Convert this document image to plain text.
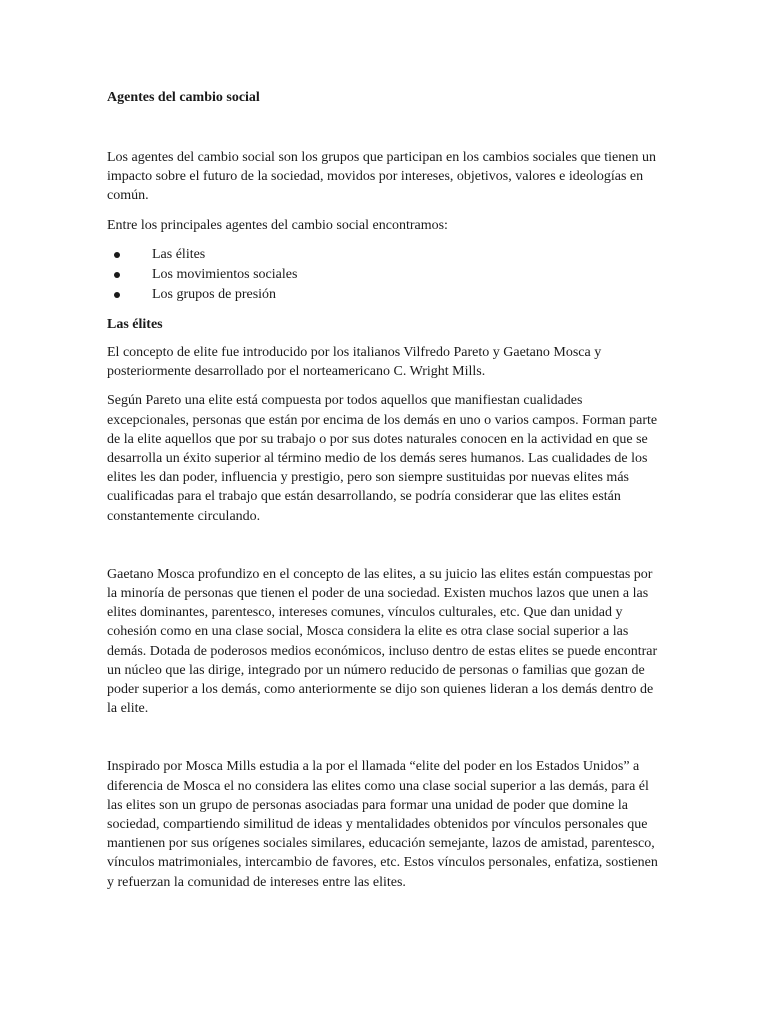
Agentes del cambio social

Los agentes del cambio social son los grupos que participan en los cambios sociales que tienen un impacto sobre el futuro de la sociedad, movidos por intereses, objetivos, valores e ideologías en común.

Entre los principales agentes del cambio social encontramos:

Las élites
Los movimientos sociales
Los grupos de presión
Las élites

El concepto de elite fue introducido por los italianos Vilfredo Pareto y Gaetano Mosca y posteriormente desarrollado por el norteamericano C. Wright Mills.

Según Pareto una elite está compuesta por todos aquellos que manifiestan cualidades excepcionales, personas que están por encima de los demás en uno o varios campos. Forman parte de la elite aquellos que por su trabajo o por sus dotes naturales conocen en la actividad en que se desarrolla un éxito superior al término medio de los demás seres humanos. Las cualidades de los elites les dan poder, influencia y prestigio, pero son siempre sustituidas por nuevas elites más cualificadas para el trabajo que están desarrollando, se podría considerar que las elites están constantemente circulando.

Gaetano Mosca profundizo en el concepto de las elites, a su juicio las elites están compuestas por la minoría de personas que tienen el poder de una sociedad. Existen muchos lazos que unen a las elites dominantes, parentesco, intereses comunes, vínculos culturales, etc. Que dan unidad y cohesión como en una clase social, Mosca considera la elite es otra clase social superior a las demás. Dotada de poderosos medios económicos, incluso dentro de estas elites se puede encontrar un núcleo que las dirige, integrado por un número reducido de personas o familias que gozan de poder superior a los demás, como anteriormente se dijo son quienes lideran a los demás dentro de la elite.

Inspirado por Mosca Mills estudia a la por el llamada “elite del poder en los Estados Unidos” a diferencia de Mosca el no considera las elites como una clase social superior a las demás, para él las elites son un grupo de personas asociadas para formar una unidad de poder que domine la sociedad, compartiendo similitud de ideas y mentalidades obtenidos por vínculos personales que mantienen por sus orígenes sociales similares, educación semejante, lazos de amistad, parentesco, vínculos matrimoniales, intercambio de favores, etc. Estos vínculos personales, enfatiza, sostienen y refuerzan la comunidad de intereses entre las elites.
